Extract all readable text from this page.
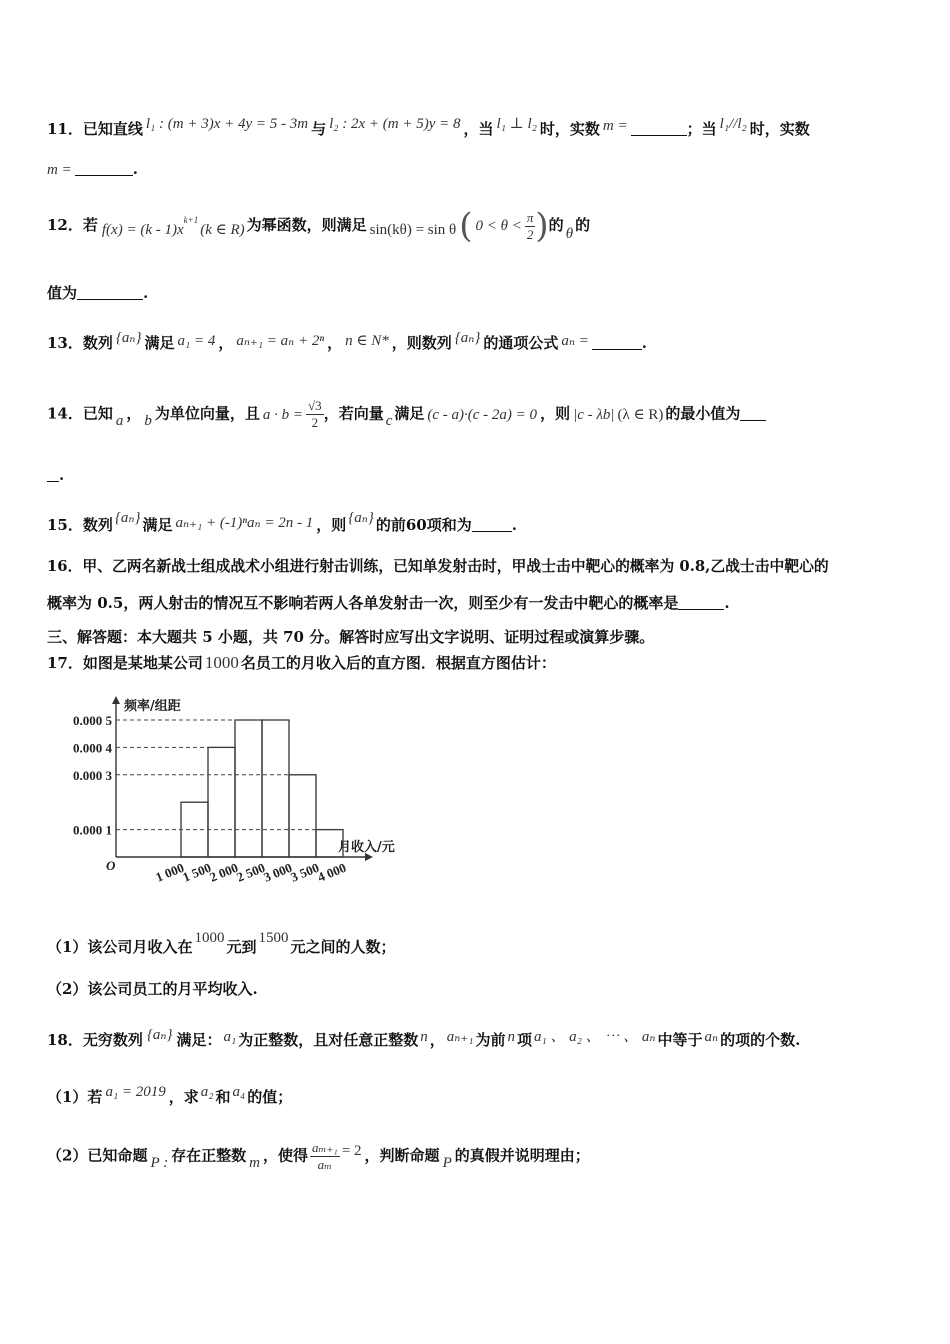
11．已知直线 l₁ : (m + 3)x + 4y = 5 - 3m 与 l₂ : 2x + (m + 5)y = 8 ，当 l₁ ⊥ l₂ 时，实数 m =	；当 l₁//l₂ 时，实数
m =	.
12．若 $f(x) = (k - 1)x^{k+1}(k$ ∈ R) 为幂函数，则满足 sin(kθ) = sin θ( $0 < \theta < \frac{\pi}{2}$ )的 θ 的
值为	.
13．数列 {aₙ} 满足 a₁ = 4 ， aₙ₊₁ = aₙ + 2ⁿ ， n ∈ N* ，则数列 {aₙ} 的通项公式 aₙ =	.
14．已知 a ， b 为单位向量，且 $a \cdot b = \frac{√3}{2}$ ，若向量 c 满足 (c - a)·(c - 2a) = 0 ，则 |c - λb| (λ ∈ R) 的最小值为
.
15．数列 {aₙ} 满足 aₙ₊₁ + (-1)ⁿaₙ = 2n - 1 ，则 {aₙ} 的前60项和为	.
16．甲、乙两名新战士组成战术小组进行射击训练，已知单发射击时，甲战士击中靶心的概率为 0.8,乙战士击中靶心的
概率为 0.5，两人射击的情况互不影响若两人各单发射击一次，则至少有一发击中靶心的概率是	.
三、解答题：本大题共 5 小题，共 70 分。解答时应写出文字说明、证明过程或演算步骤。
17．如图是某地某公司 1000 名员工的月收入后的直方图．根据直方图估计：
频率/组距
月收入/元
O
0.000 1
0.000 3
0.000 4
0.000 5
1 000
1 500
2 000
2 500
3 000
3 500
4 000
（1）该公司月收入在 1000 元到 1500 元之间的人数；
（2）该公司员工的月平均收入.
18．无穷数列 {aₙ} 满足： a₁ 为正整数，且对任意正整数 n ， aₙ₊₁ 为前 n 项 a₁ 、 a₂ 、 ⋯ 、 aₙ 中等于 aₙ 的项的个数.
（1）若 a₁ = 2019 ，求 a₂ 和 a₄ 的值；
（2）已知命题 P : 存在正整数 m ，使得 $\frac{\text{aₘ₊₁}}{\text{aₘ}} = 2$ ，判断命题 P 的真假并说明理由；
